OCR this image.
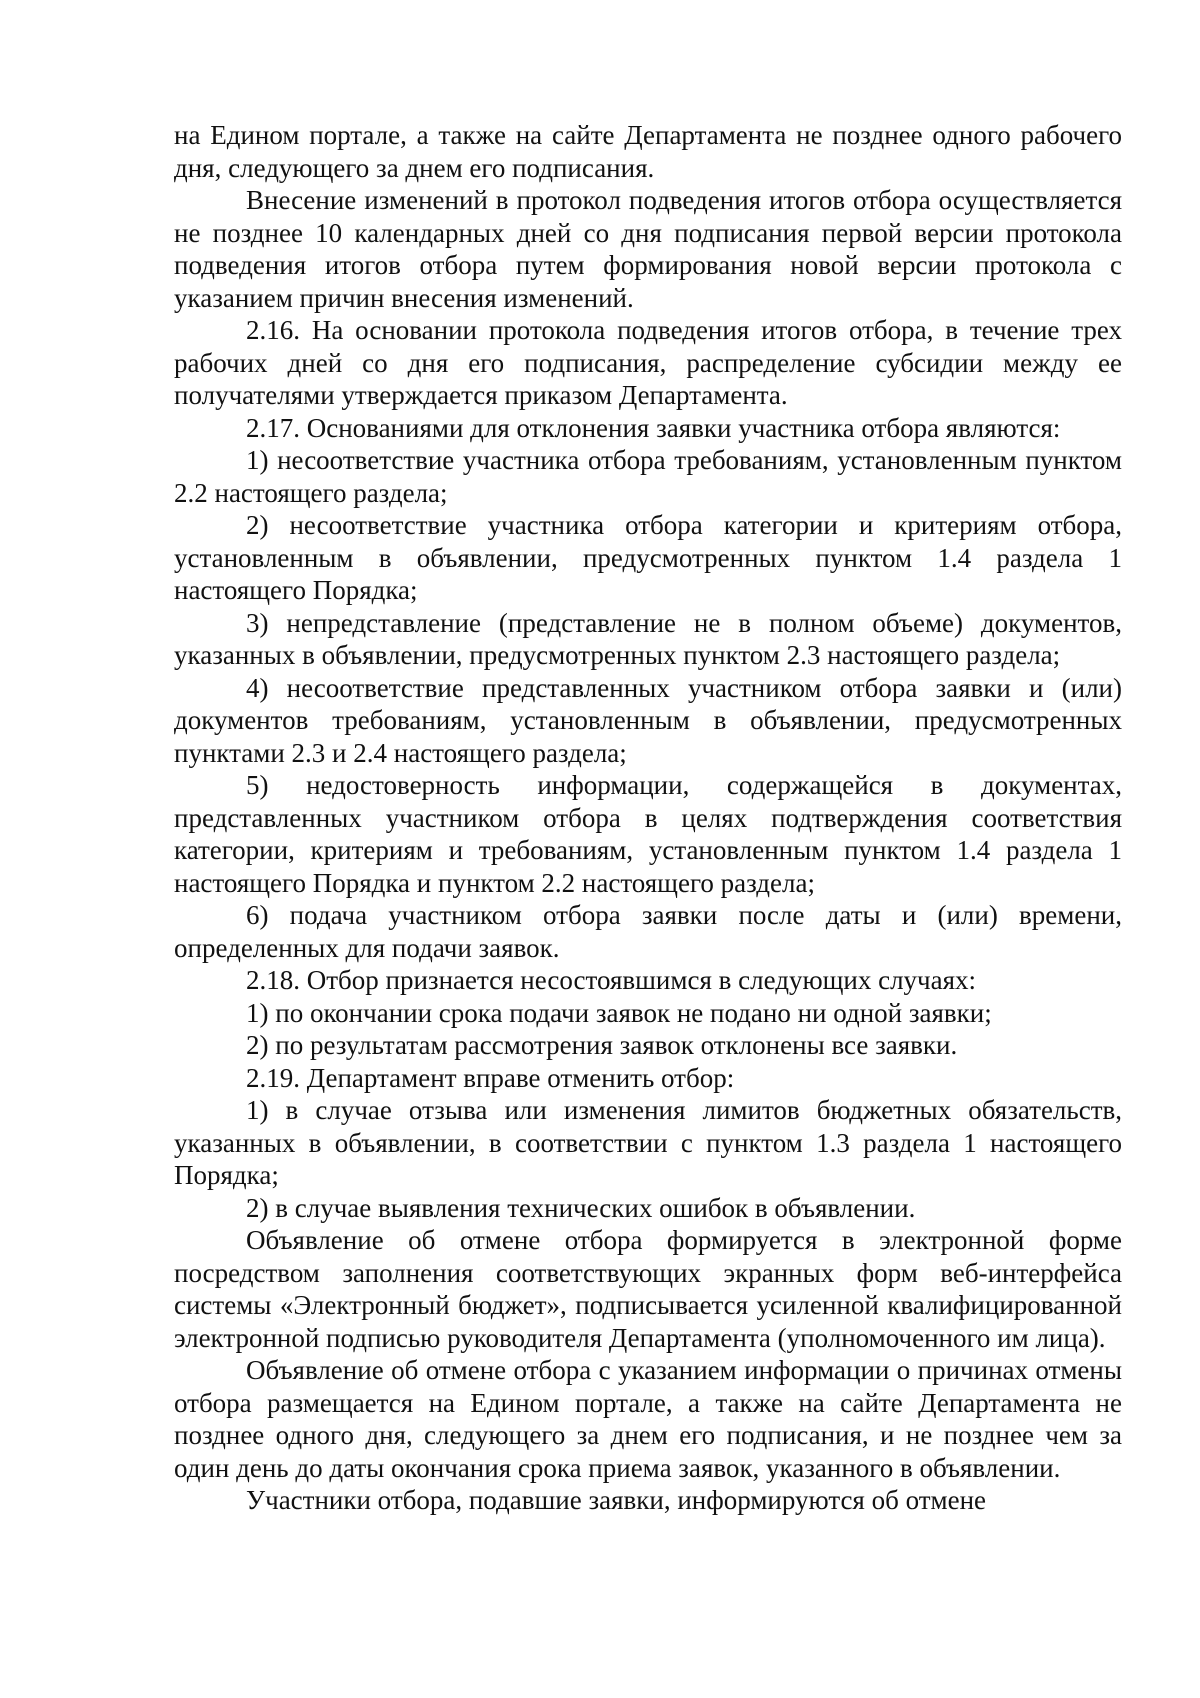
на Едином портале, а также на сайте Департамента не позднее одного рабочего дня, следующего за днем его подписания.

Внесение изменений в протокол подведения итогов отбора осуществляется не позднее 10 календарных дней со дня подписания первой версии протокола подведения итогов отбора путем формирования новой версии протокола с указанием причин внесения изменений.

2.16. На основании протокола подведения итогов отбора, в течение трех рабочих дней со дня его подписания, распределение субсидии между ее получателями утверждается приказом Департамента.

2.17. Основаниями для отклонения заявки участника отбора являются:

1) несоответствие участника отбора требованиям, установленным пунктом 2.2 настоящего раздела;

2) несоответствие участника отбора категории и критериям отбора, установленным в объявлении, предусмотренных пунктом 1.4 раздела 1 настоящего Порядка;

3) непредставление (представление не в полном объеме) документов, указанных в объявлении, предусмотренных пунктом 2.3 настоящего раздела;

4) несоответствие представленных участником отбора заявки и (или) документов требованиям, установленным в объявлении, предусмотренных пунктами 2.3 и 2.4 настоящего раздела;

5) недостоверность информации, содержащейся в документах, представленных участником отбора в целях подтверждения соответствия категории, критериям и требованиям, установленным пунктом 1.4 раздела 1 настоящего Порядка и пунктом 2.2 настоящего раздела;

6) подача участником отбора заявки после даты и (или) времени, определенных для подачи заявок.

2.18. Отбор признается несостоявшимся в следующих случаях:

1) по окончании срока подачи заявок не подано ни одной заявки;

2) по результатам рассмотрения заявок отклонены все заявки.

2.19. Департамент вправе отменить отбор:

1) в случае отзыва или изменения лимитов бюджетных обязательств, указанных в объявлении, в соответствии с пунктом 1.3 раздела 1 настоящего Порядка;

2) в случае выявления технических ошибок в объявлении.

Объявление об отмене отбора формируется в электронной форме посредством заполнения соответствующих экранных форм веб-интерфейса системы «Электронный бюджет», подписывается усиленной квалифицированной электронной подписью руководителя Департамента (уполномоченного им лица).

Объявление об отмене отбора с указанием информации о причинах отмены отбора размещается на Едином портале, а также на сайте Департамента не позднее одного дня, следующего за днем его подписания, и не позднее чем за один день до даты окончания срока приема заявок, указанного в объявлении.

Участники отбора, подавшие заявки, информируются об отмене
